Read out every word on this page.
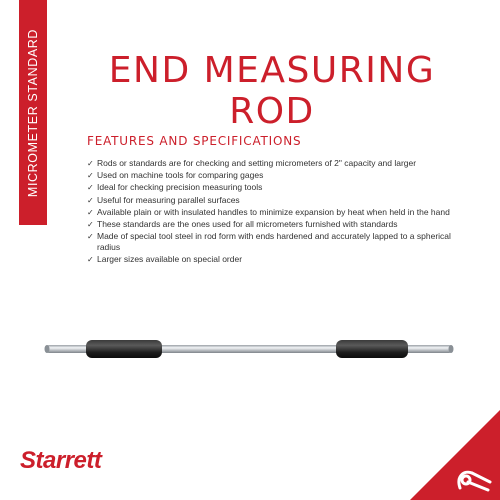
MICROMETER STANDARD	END MEASURING
ROD
FEATURES AND SPECIFICATIONS
✓ Rods or standards are for checking and setting micrometers of 2" capacity and larger
✓ Used on machine tools for comparing gages
✓ Ideal for checking precision measuring tools
✓ Useful for measuring parallel surfaces
✓ Available plain or with insulated handles to minimize expansion by heat when held in the hand
✓ These standards are the ones used for all micrometers furnished with standards
✓ Made of special tool steel in rod form with ends hardened and accurately lapped to a spherical radius
✓ Larger sizes available on special order
Starrett
